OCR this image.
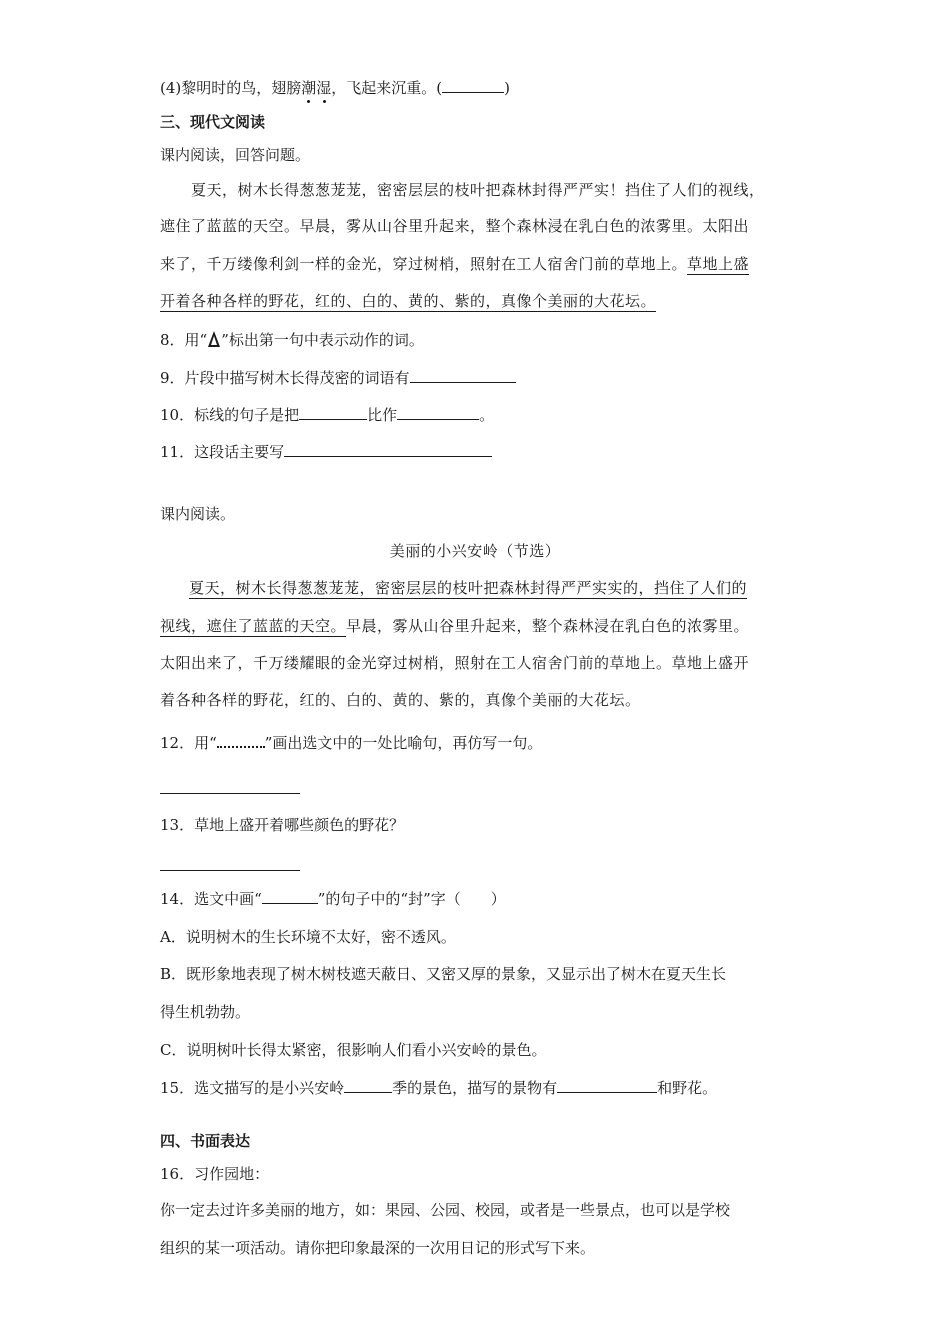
(4)黎明时的鸟，翅膀潮湿
，飞起来沉重。(	)
三、现代文阅读
课内阅读，回答问题。
夏天，树木长得葱葱茏茏，密密层层的枝叶把森林封得严严实！挡住了人们的视线，
遮住了蓝蓝的天空。早晨，雾从山谷里升起来，整个森林浸在乳白色的浓雾里。太阳出
来了，千万缕像利剑一样的金光，穿过树梢，照射在工人宿舍门前的草地上。草地上盛
开着各种各样的野花，红的、白的、黄的、紫的，真像个美丽的大花坛。
8．用“ ”标出第一句中表示动作的词。
9．片段中描写树木长得茂密的词语有
10．标线的句子是把	比作	。
11．这段话主要写
课内阅读。
美丽的小兴安岭（节选）
夏天，树木长得葱葱茏茏，密密层层的枝叶把森林封得严严实实的，挡住了人们的
视线，遮住了蓝蓝的天空。早晨，雾从山谷里升起来，整个森林浸在乳白色的浓雾里。
太阳出来了，千万缕耀眼的金光穿过树梢，照射在工人宿舍门前的草地上。草地上盛开
着各种各样的野花，红的、白的、黄的、紫的，真像个美丽的大花坛。
12．用“	”画出选文中的一处比喻句，再仿写一句。
13．草地上盛开着哪些颜色的野花？
14．选文中画“	”的句子中的“封”字（　　）
A．说明树木的生长环境不太好，密不透风。
B．既形象地表现了树木树枝遮天蔽日、又密又厚的景象，又显示出了树木在夏天生长
得生机勃勃。
C．说明树叶长得太紧密，很影响人们看小兴安岭的景色。
15．选文描写的是小兴安岭	季的景色，描写的景物有	和野花。
四、书面表达
16．习作园地：
你一定去过许多美丽的地方，如：果园、公园、校园，或者是一些景点，也可以是学校
组织的某一项活动。请你把印象最深的一次用日记的形式写下来。
